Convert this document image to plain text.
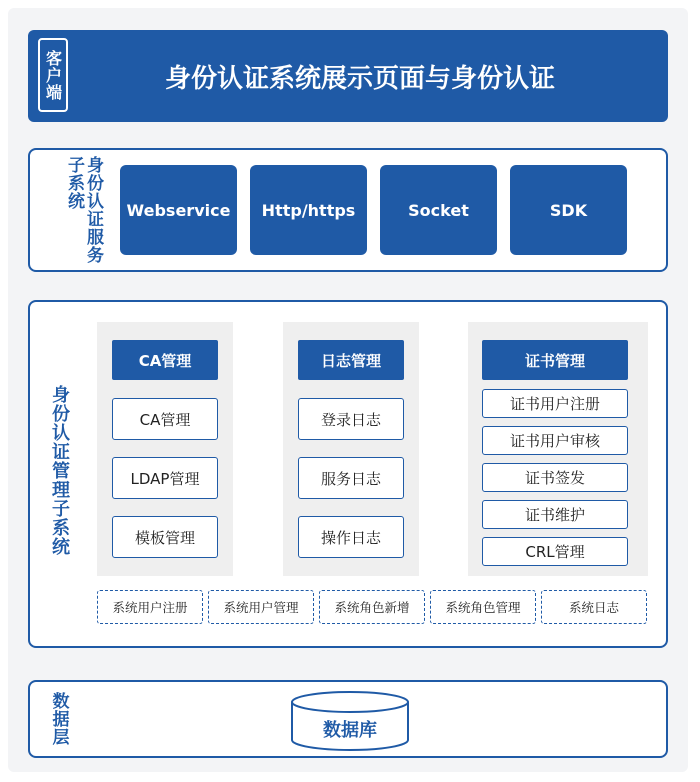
客户端	身份认证系统展示页面与身份认证
身份认证服务子系统	Webservice	Http/https	Socket	SDK
身份认证管理子系统
CA管理
CA管理
LDAP管理
模板管理
日志管理
登录日志
服务日志
操作日志
证书管理
证书用户注册
证书用户审核
证书签发
证书维护
CRL管理
系统用户注册	系统用户管理	系统角色新增	系统角色管理	系统日志
数据层	数据库
